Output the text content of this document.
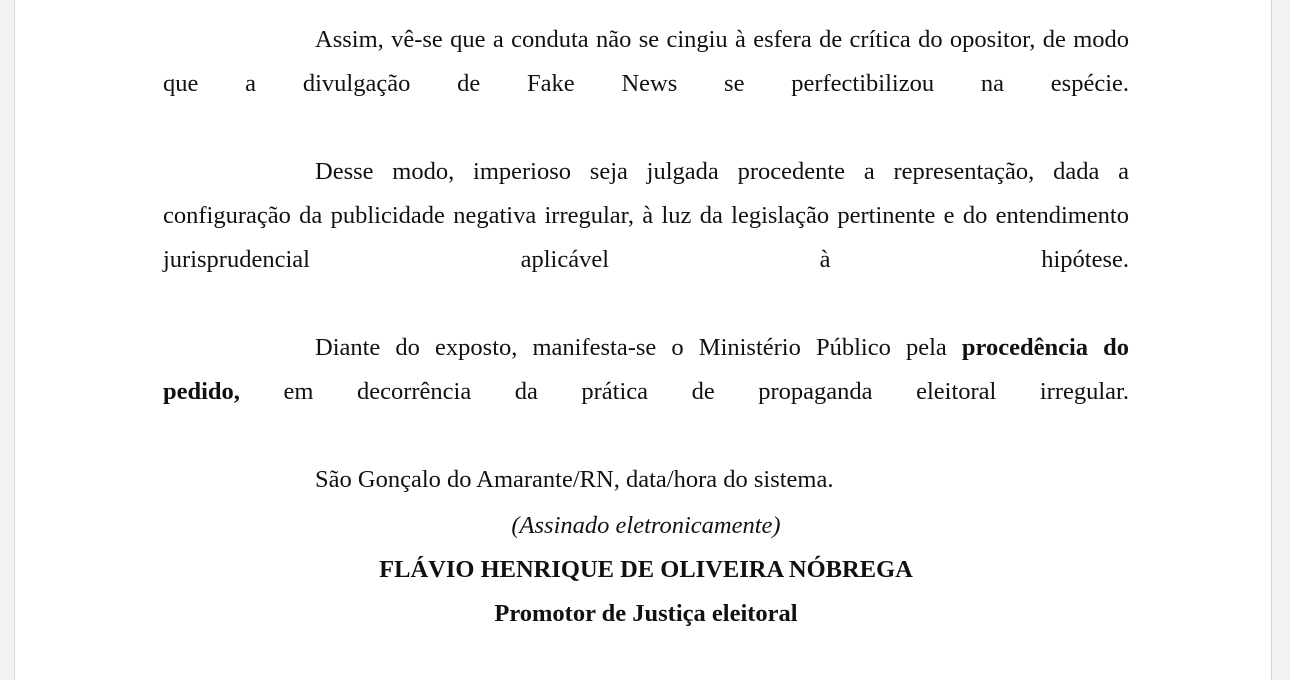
Assim, vê-se que a conduta não se cingiu à esfera de crítica do opositor, de modo que a divulgação de Fake News se perfectibilizou na espécie.

Desse modo, imperioso seja julgada procedente a representação, dada a configuração da publicidade negativa irregular, à luz da legislação pertinente e do entendimento jurisprudencial aplicável à hipótese.

Diante do exposto, manifesta-se o Ministério Público pela procedência do pedido, em decorrência da prática de propaganda eleitoral irregular.

São Gonçalo do Amarante/RN, data/hora do sistema.

(Assinado eletronicamente)

FLÁVIO HENRIQUE DE OLIVEIRA NÓBREGA

Promotor de Justiça eleitoral
